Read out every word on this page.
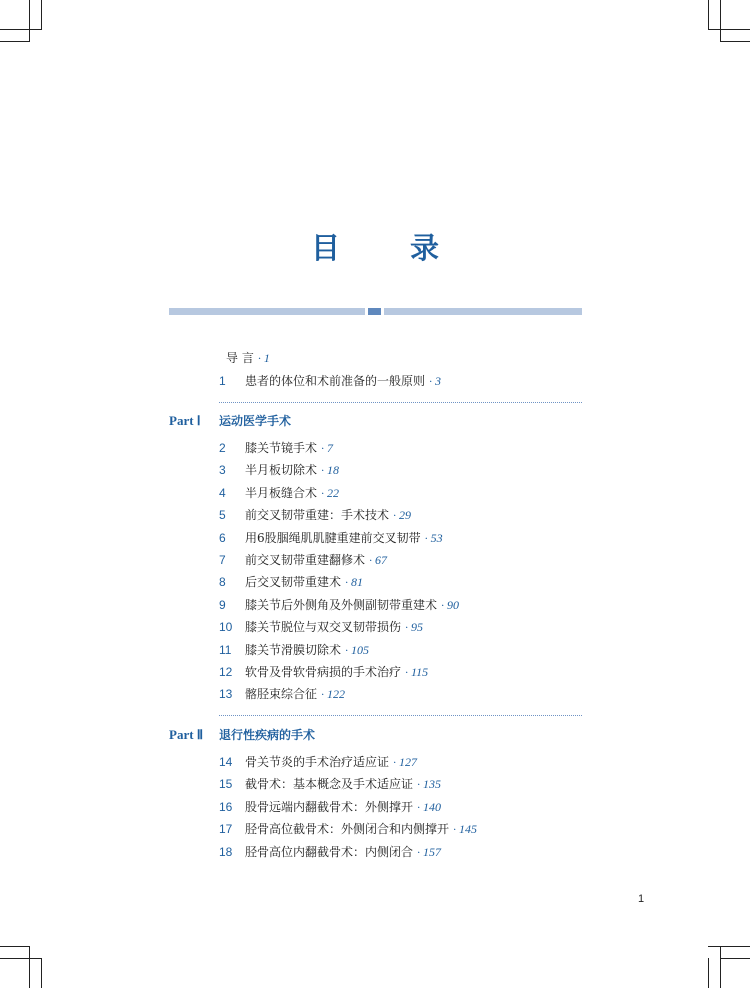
目 录
导 言 · 1
1 患者的体位和术前准备的一般原则 · 3
Part Ⅰ 运动医学手术
2 膝关节镜手术 · 7
3 半月板切除术 · 18
4 半月板缝合术 · 22
5 前交叉韧带重建：手术技术 · 29
6 用6股腘绳肌肌腱重建前交叉韧带 · 53
7 前交叉韧带重建翻修术 · 67
8 后交叉韧带重建术 · 81
9 膝关节后外侧角及外侧副韧带重建术 · 90
10 膝关节脱位与双交叉韧带损伤 · 95
11 膝关节滑膜切除术 · 105
12 软骨及骨软骨病损的手术治疗 · 115
13 髂胫束综合征 · 122
Part Ⅱ 退行性疾病的手术
14 骨关节炎的手术治疗适应证 · 127
15 截骨术：基本概念及手术适应证 · 135
16 股骨远端内翻截骨术：外侧撑开 · 140
17 胫骨高位截骨术：外侧闭合和内侧撑开 · 145
18 胫骨高位内翻截骨术：内侧闭合 · 157
1
